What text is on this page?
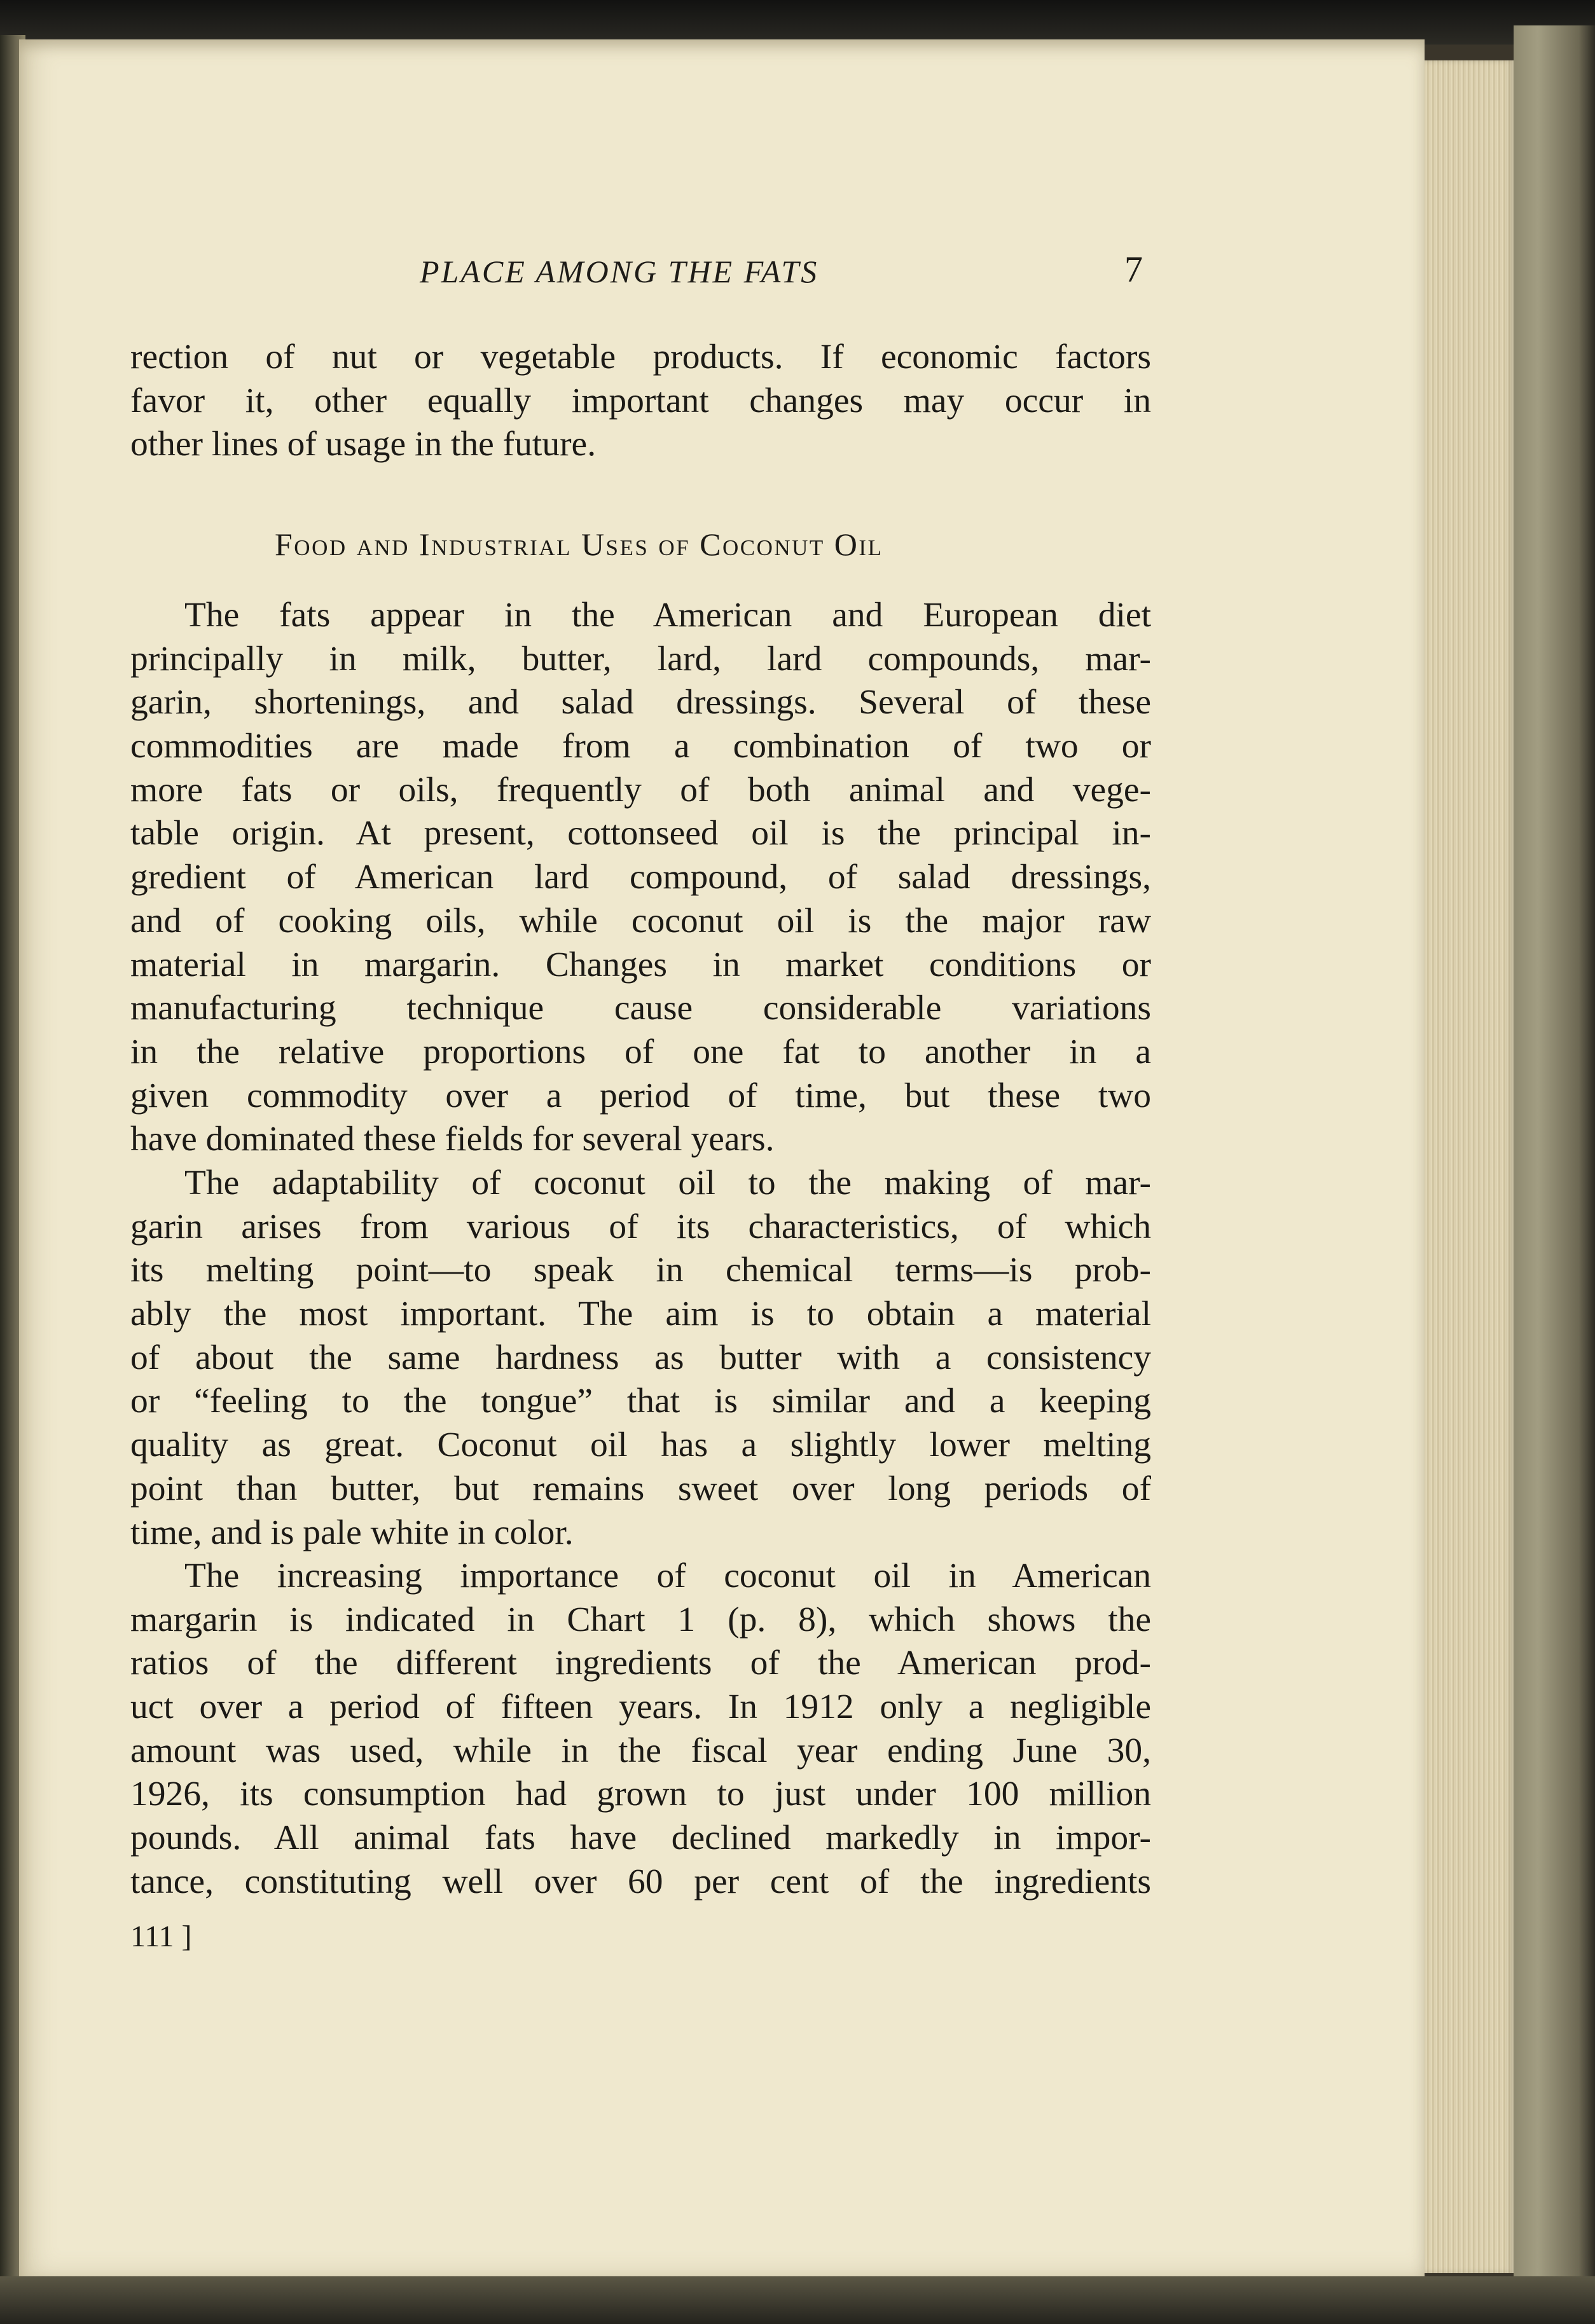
PLACE AMONG THE FATS	7
rection of nut or vegetable products. If economic factors
favor it, other equally important changes may occur in
other lines of usage in the future.
Food and Industrial Uses of Coconut Oil
The fats appear in the American and European diet
principally in milk, butter, lard, lard compounds, mar-
garin, shortenings, and salad dressings. Several of these
commodities are made from a combination of two or
more fats or oils, frequently of both animal and vege-
table origin. At present, cottonseed oil is the principal in-
gredient of American lard compound, of salad dressings,
and of cooking oils, while coconut oil is the major raw
material in margarin. Changes in market conditions or
manufacturing technique cause considerable variations
in the relative proportions of one fat to another in a
given commodity over a period of time, but these two
have dominated these fields for several years.
The adaptability of coconut oil to the making of mar-
garin arises from various of its characteristics, of which
its melting point—to speak in chemical terms—is prob-
ably the most important. The aim is to obtain a material
of about the same hardness as butter with a consistency
or “feeling to the tongue” that is similar and a keeping
quality as great. Coconut oil has a slightly lower melting
point than butter, but remains sweet over long periods of
time, and is pale white in color.
The increasing importance of coconut oil in American
margarin is indicated in Chart 1 (p. 8), which shows the
ratios of the different ingredients of the American prod-
uct over a period of fifteen years. In 1912 only a negligible
amount was used, while in the fiscal year ending June 30,
1926, its consumption had grown to just under 100 million
pounds. All animal fats have declined markedly in impor-
tance, constituting well over 60 per cent of the ingredients
111 ]
